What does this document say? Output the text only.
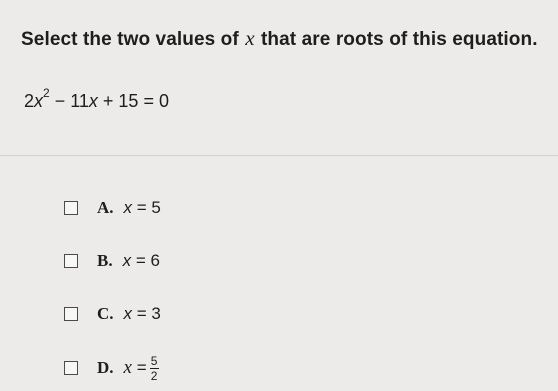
Select the two values of x that are roots of this equation.
$2x^2 - 11x + 15 = 0$
A. x = 5
B. x = 6
C. x = 3
D. $x = \frac{5}{2}$
